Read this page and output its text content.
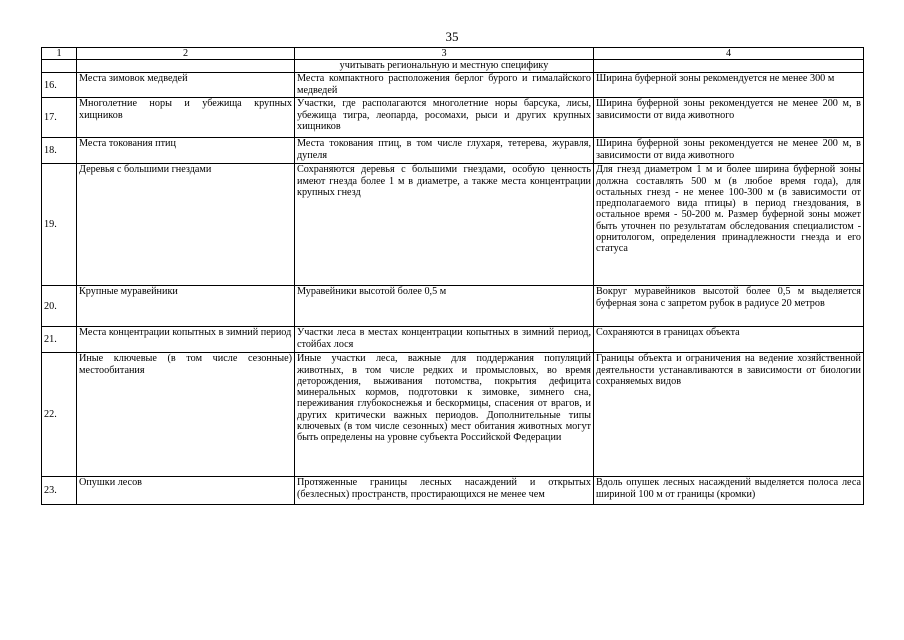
35
1	2	3	4
		учитывать региональную и местную специфику	
16.	Места зимовок медведей	Места компактного расположения берлог бурого и гималайского медведей	Ширина буферной зоны рекомендуется не менее 300 м
17.	Многолетние норы и убежища крупных хищников	Участки, где располагаются многолетние норы барсука, лисы, убежища тигра, леопарда, росомахи, рыси и других крупных хищников	Ширина буферной зоны рекомендуется не менее 200 м, в зависимости от вида животного
18.	Места токования птиц	Места токования птиц, в том числе глухаря, тетерева, журавля, дупеля	Ширина буферной зоны рекомендуется не менее 200 м, в зависимости от вида животного
19.	Деревья с большими гнездами	Сохраняются деревья с большими гнездами, особую ценность имеют гнезда более 1 м в диаметре, а также места концентрации крупных гнезд	Для гнезд диаметром 1 м и более ширина буферной зоны должна составлять 500 м (в любое время года), для остальных гнезд - не менее 100-300 м (в зависимости от предполагаемого вида птицы) в период гнездования, в остальное время - 50-200 м. Размер буферной зоны может быть уточнен по результатам обследования специалистом - орнитологом, определения принадлежности гнезда и его статуса
20.	Крупные муравейники	Муравейники высотой более 0,5 м	Вокруг муравейников высотой более 0,5 м выделяется буферная зона с запретом рубок в радиусе 20 метров
21.	Места концентрации копытных в зимний период	Участки леса в местах концентрации копытных в зимний период, стойбах лося	Сохраняются в границах объекта
22.	Иные ключевые (в том числе сезонные) местообитания	Иные участки леса, важные для поддержания популяций животных, в том числе редких и промысловых, во время деторождения, выживания потомства, покрытия дефицита минеральных кормов, подготовки к зимовке, зимнего сна, переживания глубокоснежья и бескормицы, спасения от врагов, и других критически важных периодов. Дополнительные типы ключевых (в том числе сезонных) мест обитания животных могут быть определены на уровне субъекта Российской Федерации	Границы объекта и ограничения на ведение хозяйственной деятельности устанавливаются в зависимости от биологии сохраняемых видов
23.	Опушки лесов	Протяженные границы лесных насаждений и открытых (безлесных) пространств, простирающихся не менее чем	Вдоль опушек лесных насаждений выделяется полоса леса шириной 100 м от границы (кромки)
